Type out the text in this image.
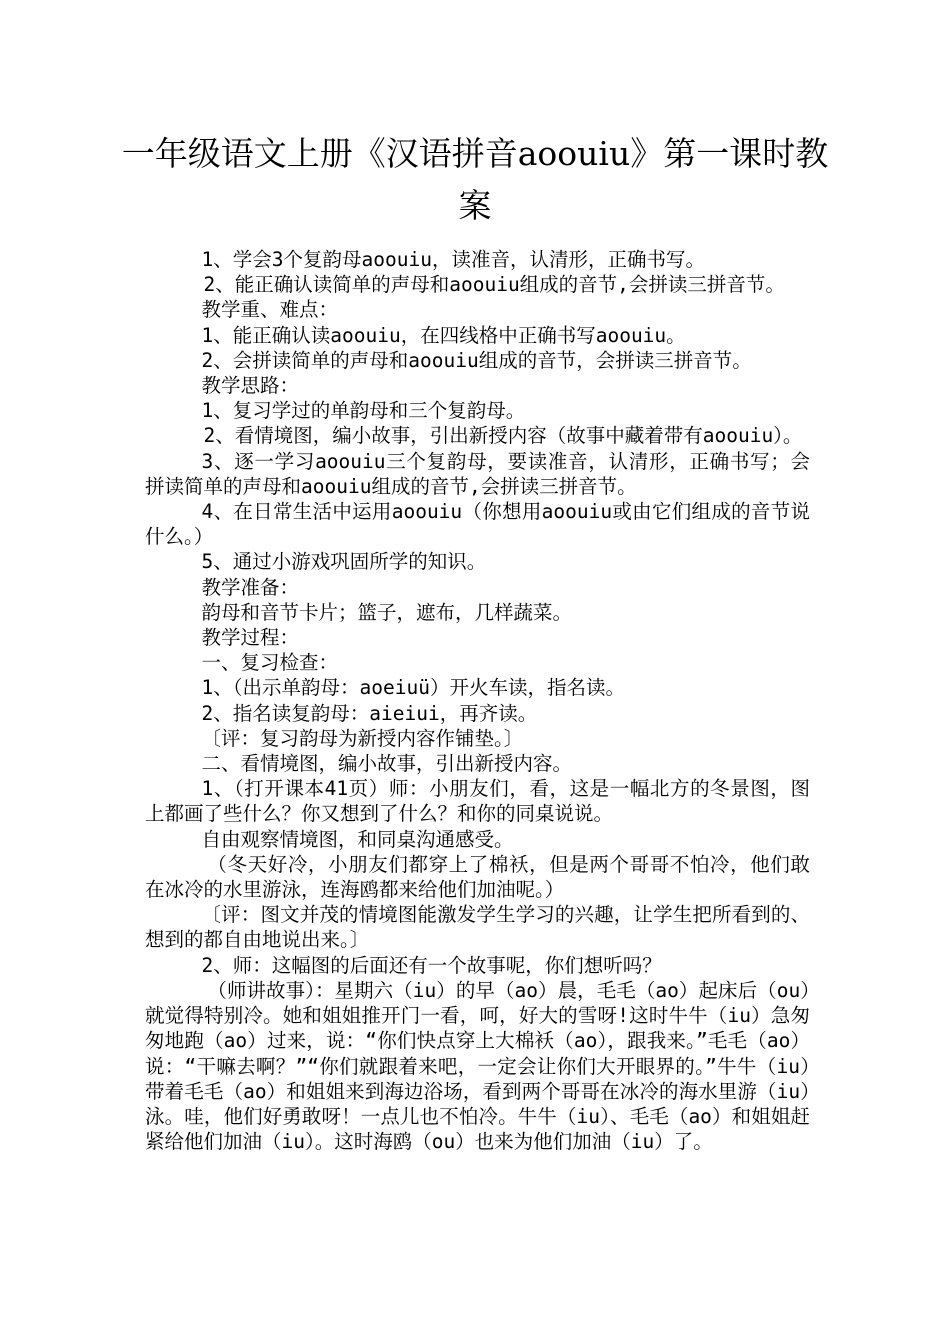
一年级语文上册《汉语拼音aoouiu》第一课时教案

1、学会3个复韵母aoouiu，读准音，认清形，正确书写。

2、能正确认读简单的声母和aoouiu组成的音节,会拼读三拼音节。

教学重、难点：

1、能正确认读aoouiu，在四线格中正确书写aoouiu。

2、会拼读简单的声母和aoouiu组成的音节，会拼读三拼音节。

教学思路：

1、复习学过的单韵母和三个复韵母。

2、看情境图，编小故事，引出新授内容（故事中藏着带有aoouiu）。

3、逐一学习aoouiu三个复韵母，要读准音，认清形，正确书写；会拼读简单的声母和aoouiu组成的音节,会拼读三拼音节。

4、在日常生活中运用aoouiu（你想用aoouiu或由它们组成的音节说什么。）

5、通过小游戏巩固所学的知识。

教学准备：

韵母和音节卡片；篮子，遮布，几样蔬菜。

教学过程：

一、复习检查：

1、（出示单韵母：aoeiuü）开火车读，指名读。

2、指名读复韵母：aieiui，再齐读。

〔评：复习韵母为新授内容作铺垫。〕

二、看情境图，编小故事，引出新授内容。

1、（打开课本41页）师：小朋友们，看，这是一幅北方的冬景图，图上都画了些什么？你又想到了什么？和你的同桌说说。

自由观察情境图，和同桌沟通感受。

（冬天好冷，小朋友们都穿上了棉袄，但是两个哥哥不怕冷，他们敢在冰冷的水里游泳，连海鸥都来给他们加油呢。）

〔评：图文并茂的情境图能激发学生学习的兴趣，让学生把所看到的、想到的都自由地说出来。〕

2、师：这幅图的后面还有一个故事呢，你们想听吗？

（师讲故事）：星期六（iu）的早（ao）晨，毛毛（ao）起床后（ou）就觉得特别冷。她和姐姐推开门一看，呵，好大的雪呀!这时牛牛（iu）急匆匆地跑（ao）过来，说：“你们快点穿上大棉袄（ao），跟我来。”毛毛（ao）说：“干嘛去啊？”“你们就跟着来吧，一定会让你们大开眼界的。”牛牛（iu）带着毛毛（ao）和姐姐来到海边浴场，看到两个哥哥在冰冷的海水里游（iu）泳。哇，他们好勇敢呀！一点儿也不怕冷。牛牛（iu）、毛毛（ao）和姐姐赶紧给他们加油（iu）。这时海鸥（ou）也来为他们加油（iu）了。
